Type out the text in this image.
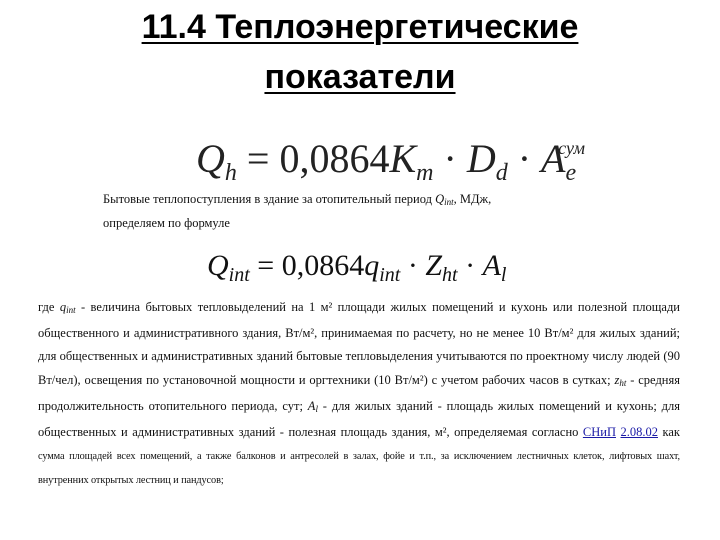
11.4 Теплоэнергетические
показатели
$Q_h = 0,0864K_m \cdot D_d \cdot A_e^{сум}$
Бытовые теплопоступления в здание за отопительный период Qint, МДж,
определяем по формуле
$Q_{int} = 0,0864q_{int} \cdot Z_{ht} \cdot A_l$
где qint - величина бытовых тепловыделений на 1 м² площади жилых помещений и кухонь или полезной площади общественного и административного здания, Вт/м², принимаемая по расчету, но не менее 10 Вт/м² для жилых зданий; для общественных и административных зданий бытовые тепловыделения учитываются по проектному числу людей (90 Вт/чел), освещения по установочной мощности и оргтехники (10 Вт/м²) с учетом рабочих часов в сутках; zht - средняя продолжительность отопительного периода, сут; Al - для жилых зданий - площадь жилых помещений и кухонь; для общественных и административных зданий - полезная площадь здания, м², определяемая согласно СНиП 2.08.02 как сумма площадей всех помещений, а также балконов и антресолей в залах, фойе и т.п., за исключением лестничных клеток, лифтовых шахт, внутренних открытых лестниц и пандусов;
